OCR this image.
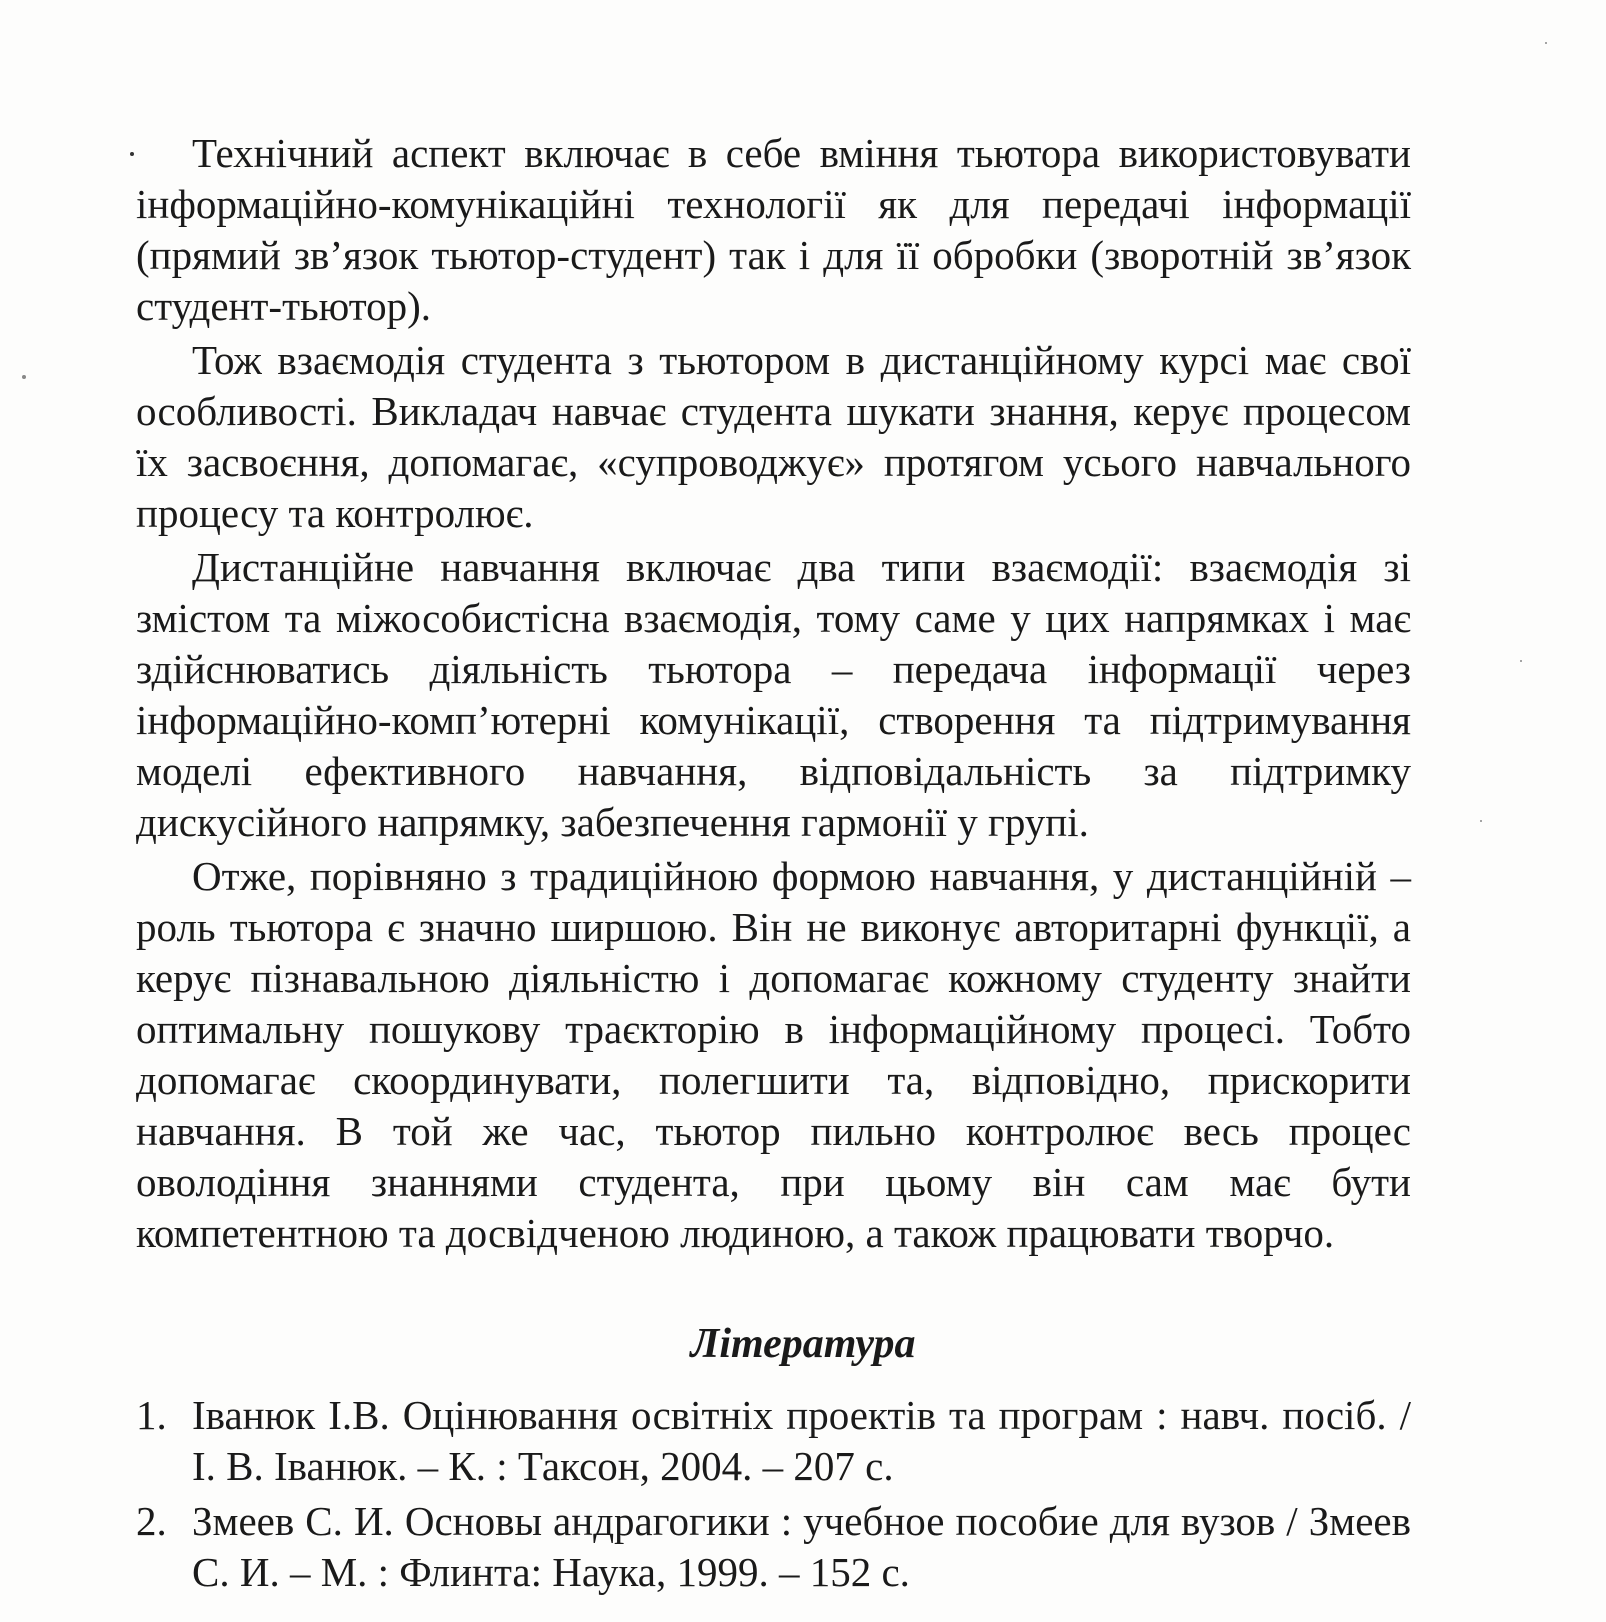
Технічний аспект включає в себе вміння тьютора використовувати інформаційно-комунікаційні технології як для передачі інформації (прямий зв’язок тьютор-студент) так і для її обробки (зворотній зв’язок студент-тьютор).

Тож взаємодія студента з тьютором в дистанційному курсі має свої особливості. Викладач навчає студента шукати знання, керує процесом їх засвоєння, допомагає, «супроводжує» протягом усього навчального процесу та контролює.

Дистанційне навчання включає два типи взаємодії: взаємодія зі змістом та міжособистісна взаємодія, тому саме у цих напрямках і має здійснюватись діяльність тьютора – передача інформації через інформаційно-комп’ютерні комунікації, створення та підтримування моделі ефективного навчання, відповідальність за підтримку дискусійного напрямку, забезпечення гармонії у групі.

Отже, порівняно з традиційною формою навчання, у дистанційній – роль тьютора є значно ширшою. Він не виконує авторитарні функції, а керує пізнавальною діяльністю і допомагає кожному студенту знайти оптимальну пошукову траєкторію в інформаційному процесі. Тобто допомагає скоординувати, полегшити та, відповідно, прискорити навчання. В той же час, тьютор пильно контролює весь процес оволодіння знаннями студента, при цьому він сам має бути компетентною та досвідченою людиною, а також працювати творчо.

Література
1. Іванюк І.В. Оцінювання освітніх проектів та програм : навч. посіб. / І. В. Іванюк. – К. : Таксон, 2004. – 207 с.
2. Змеев С. И. Основы андрагогики : учебное пособие для вузов / Змеев С. И. – М. : Флинта: Наука, 1999. – 152 с.
